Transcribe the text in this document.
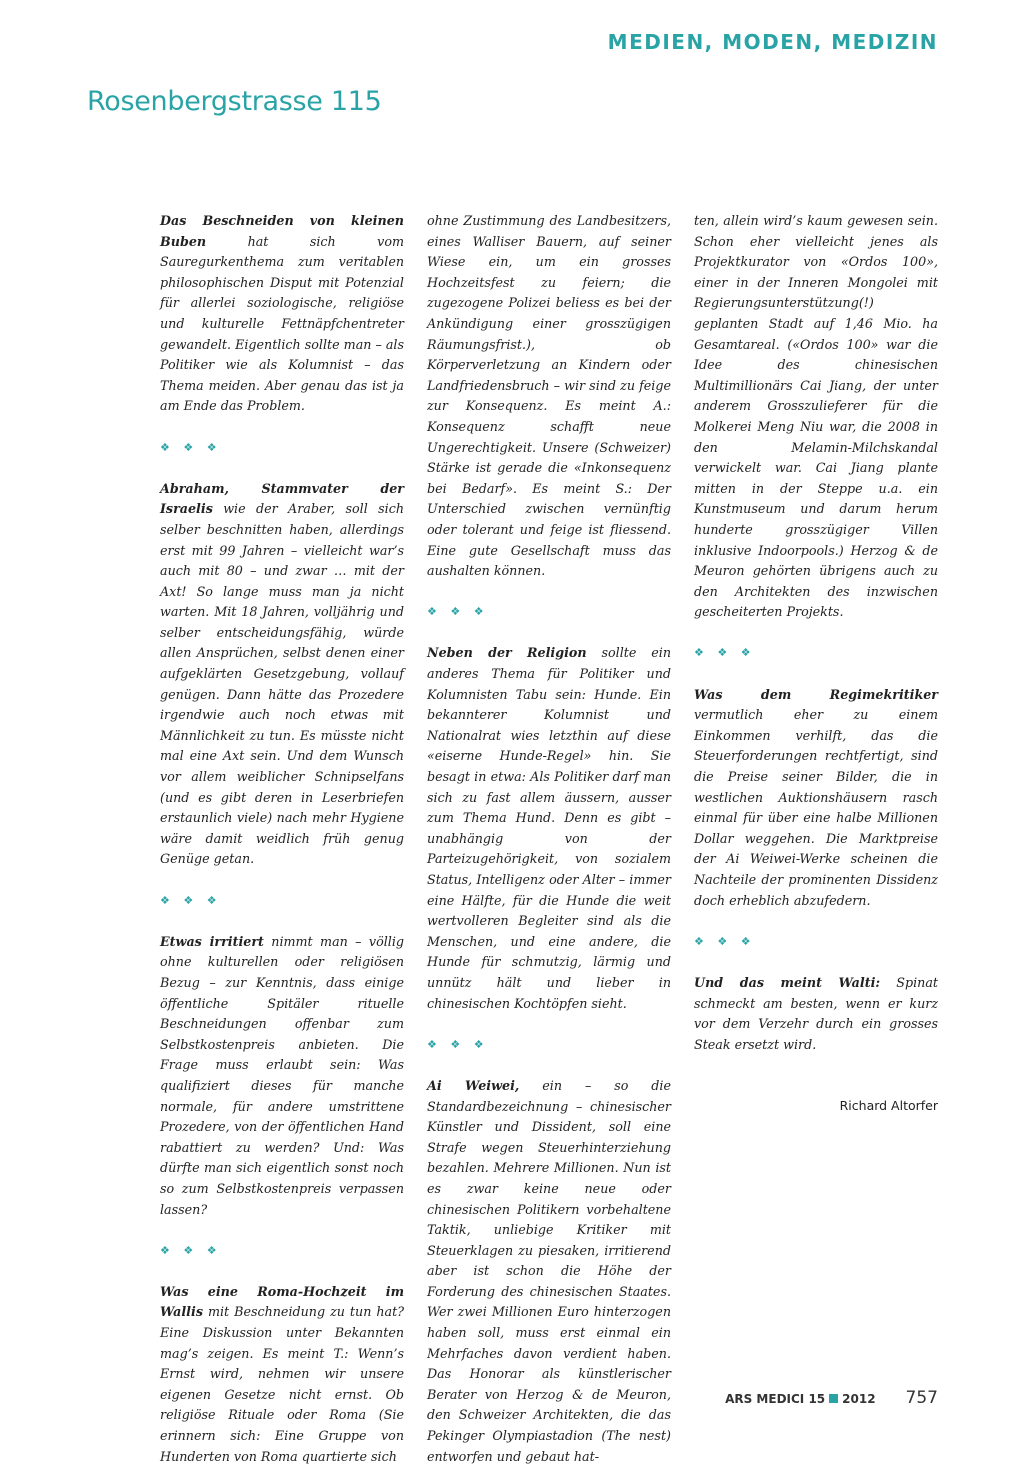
MEDIEN, MODEN, MEDIZIN
Rosenbergstrasse 115

Das Beschneiden von kleinen Buben hat sich vom Sauregurkenthema zum veritablen philosophischen Disput mit Potenzial für allerlei soziologische, religiöse und kulturelle Fettnäpfchentreter gewandelt. Eigentlich sollte man – als Politiker wie als Kolumnist – das Thema meiden. Aber genau das ist ja am Ende das Problem.

❖ ❖ ❖

Abraham, Stammvater der Israelis wie der Araber, soll sich selber beschnitten haben, allerdings erst mit 99 Jahren – vielleicht war’s auch mit 80 – und zwar … mit der Axt! So lange muss man ja nicht warten. Mit 18 Jahren, volljährig und selber entscheidungsfähig, würde allen Ansprüchen, selbst denen einer aufgeklärten Gesetzgebung, vollauf genügen. Dann hätte das Prozedere irgendwie auch noch etwas mit Männlichkeit zu tun. Es müsste nicht mal eine Axt sein. Und dem Wunsch vor allem weiblicher Schnipselfans (und es gibt deren in Leserbriefen erstaunlich viele) nach mehr Hygiene wäre damit weidlich früh genug Genüge getan.

❖ ❖ ❖

Etwas irritiert nimmt man – völlig ohne kulturellen oder religiösen Bezug – zur Kenntnis, dass einige öffentliche Spitäler rituelle Beschneidungen offenbar zum Selbstkostenpreis anbieten. Die Frage muss erlaubt sein: Was qualifiziert dieses für manche normale, für andere umstrittene Prozedere, von der öffentlichen Hand rabattiert zu werden? Und: Was dürfte man sich eigentlich sonst noch so zum Selbstkostenpreis verpassen lassen?

❖ ❖ ❖

Was eine Roma-Hochzeit im Wallis mit Beschneidung zu tun hat? Eine Diskussion unter Bekannten mag’s zeigen. Es meint T.: Wenn’s Ernst wird, nehmen wir unsere eigenen Gesetze nicht ernst. Ob religiöse Rituale oder Roma (Sie erinnern sich: Eine Gruppe von Hunderten von Roma quartierte sich

ohne Zustimmung des Landbesitzers, eines Walliser Bauern, auf seiner Wiese ein, um ein grosses Hochzeitsfest zu feiern; die zugezogene Polizei beliess es bei der Ankündigung einer grosszügigen Räumungsfrist.), ob Körperverletzung an Kindern oder Landfriedensbruch – wir sind zu feige zur Konsequenz. Es meint A.: Konsequenz schafft neue Ungerechtigkeit. Unsere (Schweizer) Stärke ist gerade die «Inkonsequenz bei Bedarf». Es meint S.: Der Unterschied zwischen vernünftig oder tolerant und feige ist fliessend. Eine gute Gesellschaft muss das aushalten können.

❖ ❖ ❖

Neben der Religion sollte ein anderes Thema für Politiker und Kolumnisten Tabu sein: Hunde. Ein bekannterer Kolumnist und Nationalrat wies letzthin auf diese «eiserne Hunde-Regel» hin. Sie besagt in etwa: Als Politiker darf man sich zu fast allem äussern, ausser zum Thema Hund. Denn es gibt – unabhängig von der Parteizugehörigkeit, von sozialem Status, Intelligenz oder Alter – immer eine Hälfte, für die Hunde die weit wertvolleren Begleiter sind als die Menschen, und eine andere, die Hunde für schmutzig, lärmig und unnütz hält und lieber in chinesischen Kochtöpfen sieht.

❖ ❖ ❖

Ai Weiwei, ein – so die Standardbezeichnung – chinesischer Künstler und Dissident, soll eine Strafe wegen Steuerhinterziehung bezahlen. Mehrere Millionen. Nun ist es zwar keine neue oder chinesischen Politikern vorbehaltene Taktik, unliebige Kritiker mit Steuerklagen zu piesaken, irritierend aber ist schon die Höhe der Forderung des chinesischen Staates. Wer zwei Millionen Euro hinterzogen haben soll, muss erst einmal ein Mehrfaches davon verdient haben. Das Honorar als künstlerischer Berater von Herzog & de Meuron, den Schweizer Architekten, die das Pekinger Olympiastadion (The nest) entworfen und gebaut hat-

ten, allein wird’s kaum gewesen sein. Schon eher vielleicht jenes als Projektkurator von «Ordos 100», einer in der Inneren Mongolei mit Regierungsunterstützung(!) geplanten Stadt auf 1,46 Mio. ha Gesamtareal. («Ordos 100» war die Idee des chinesischen Multimillionärs Cai Jiang, der unter anderem Grosszulieferer für die Molkerei Meng Niu war, die 2008 in den Melamin-Milchskandal verwickelt war. Cai Jiang plante mitten in der Steppe u.a. ein Kunstmuseum und darum herum hunderte grosszügiger Villen inklusive Indoorpools.) Herzog & de Meuron gehörten übrigens auch zu den Architekten des inzwischen gescheiterten Projekts.

❖ ❖ ❖

Was dem Regimekritiker vermutlich eher zu einem Einkommen verhilft, das die Steuerforderungen rechtfertigt, sind die Preise seiner Bilder, die in westlichen Auktionshäusern rasch einmal für über eine halbe Millionen Dollar weggehen. Die Marktpreise der Ai Weiwei-Werke scheinen die Nachteile der prominenten Dissidenz doch erheblich abzufedern.

❖ ❖ ❖

Und das meint Walti: Spinat schmeckt am besten, wenn er kurz vor dem Verzehr durch ein grosses Steak ersetzt wird.

Richard Altorfer
ARS MEDICI 15 2012 757
